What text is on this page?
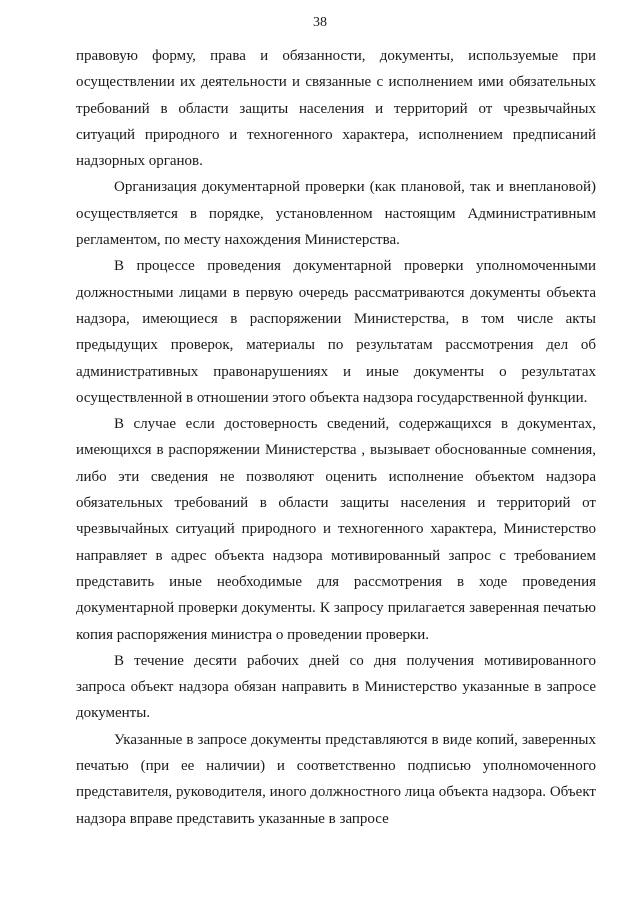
38

правовую форму, права и обязанности, документы, используемые при осуществлении их деятельности и связанные с исполнением ими обязательных требований в области защиты населения и территорий от чрезвычайных ситуаций природного и техногенного характера, исполнением предписаний надзорных органов.

Организация документарной проверки (как плановой, так и внеплановой) осуществляется в порядке, установленном настоящим Административным регламентом, по месту нахождения Министерства.

В процессе проведения документарной проверки уполномоченными должностными лицами в первую очередь рассматриваются документы объекта надзора, имеющиеся в распоряжении Министерства, в том числе акты предыдущих проверок, материалы по результатам рассмотрения дел об административных правонарушениях и иные документы о результатах осуществленной в отношении этого объекта надзора государственной функции.

В случае если достоверность сведений, содержащихся в документах, имеющихся в распоряжении Министерства , вызывает обоснованные сомнения, либо эти сведения не позволяют оценить исполнение объектом надзора обязательных требований в области защиты населения и территорий от чрезвычайных ситуаций природного и техногенного характера, Министерство направляет в адрес объекта надзора мотивированный запрос с требованием представить иные необходимые для рассмотрения в ходе проведения документарной проверки документы. К запросу прилагается заверенная печатью копия распоряжения министра о проведении проверки.

В течение десяти рабочих дней со дня получения мотивированного запроса объект надзора обязан направить в Министерство указанные в запросе документы.

Указанные в запросе документы представляются в виде копий, заверенных печатью (при ее наличии) и соответственно подписью уполномоченного представителя, руководителя, иного должностного лица объекта надзора. Объект надзора вправе представить указанные в запросе
